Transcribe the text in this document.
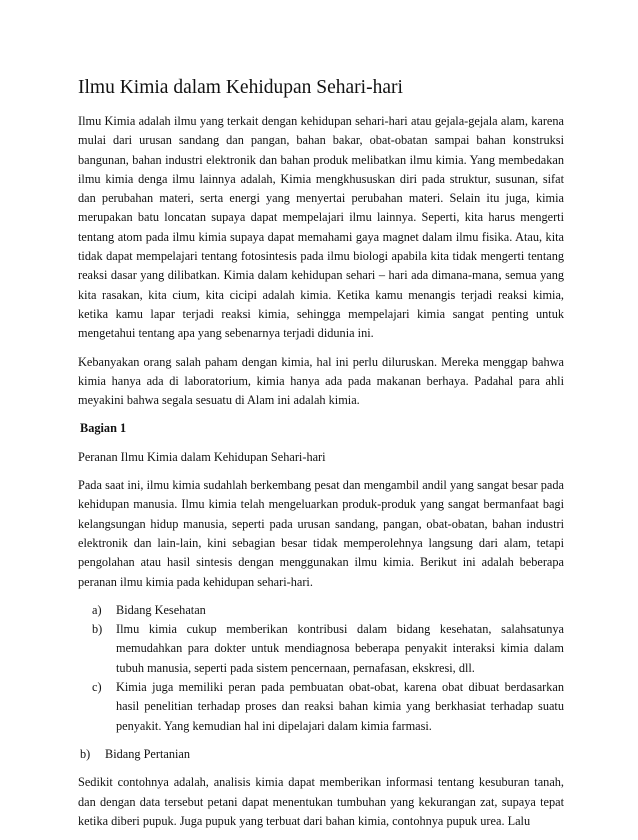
Ilmu Kimia dalam Kehidupan Sehari-hari

Ilmu Kimia adalah ilmu yang terkait dengan kehidupan sehari-hari atau gejala-gejala alam, karena mulai dari urusan sandang dan pangan, bahan bakar, obat-obatan sampai bahan konstruksi bangunan, bahan industri elektronik dan bahan produk melibatkan ilmu kimia. Yang membedakan ilmu kimia denga ilmu lainnya adalah, Kimia mengkhususkan diri pada struktur, susunan, sifat dan perubahan materi, serta energi yang menyertai perubahan materi. Selain itu juga, kimia merupakan batu loncatan supaya dapat mempelajari ilmu lainnya. Seperti, kita harus mengerti tentang atom pada ilmu kimia supaya dapat memahami gaya magnet dalam ilmu fisika. Atau, kita tidak dapat mempelajari tentang fotosintesis pada ilmu biologi apabila kita tidak mengerti tentang reaksi dasar yang dilibatkan. Kimia dalam kehidupan sehari – hari ada dimana-mana, semua yang kita rasakan, kita cium, kita cicipi adalah kimia. Ketika kamu menangis terjadi reaksi kimia, ketika kamu lapar terjadi reaksi kimia, sehingga mempelajari kimia sangat penting untuk mengetahui tentang apa yang sebenarnya terjadi didunia ini.

Kebanyakan orang salah paham dengan kimia, hal ini perlu diluruskan. Mereka menggap bahwa kimia hanya ada di laboratorium, kimia hanya ada pada makanan berhaya. Padahal para ahli meyakini bahwa segala sesuatu di Alam ini adalah kimia.

Bagian 1

Peranan Ilmu Kimia dalam Kehidupan Sehari-hari

Pada saat ini, ilmu kimia sudahlah berkembang pesat dan mengambil andil yang sangat besar pada kehidupan manusia. Ilmu kimia telah mengeluarkan produk-produk yang sangat bermanfaat bagi kelangsungan hidup manusia, seperti pada urusan sandang, pangan, obat-obatan, bahan industri elektronik dan lain-lain, kini sebagian besar tidak memperolehnya langsung dari alam, tetapi pengolahan atau hasil sintesis dengan menggunakan ilmu kimia. Berikut ini adalah beberapa peranan ilmu kimia pada kehidupan sehari-hari.

a) Bidang Kesehatan
b) Ilmu kimia cukup memberikan kontribusi dalam bidang kesehatan, salahsatunya memudahkan para dokter untuk mendiagnosa beberapa penyakit interaksi kimia dalam tubuh manusia, seperti pada sistem pencernaan, pernafasan, ekskresi, dll.
c) Kimia juga memiliki peran pada pembuatan obat-obat, karena obat dibuat berdasarkan hasil penelitian terhadap proses dan reaksi bahan kimia yang berkhasiat terhadap suatu penyakit. Yang kemudian hal ini dipelajari dalam kimia farmasi.
b) Bidang Pertanian

Sedikit contohnya adalah, analisis kimia dapat memberikan informasi tentang kesuburan tanah, dan dengan data tersebut petani dapat menentukan tumbuhan yang kekurangan zat, supaya tepat ketika diberi pupuk. Juga pupuk yang terbuat dari bahan kimia, contohnya pupuk urea. Lalu
